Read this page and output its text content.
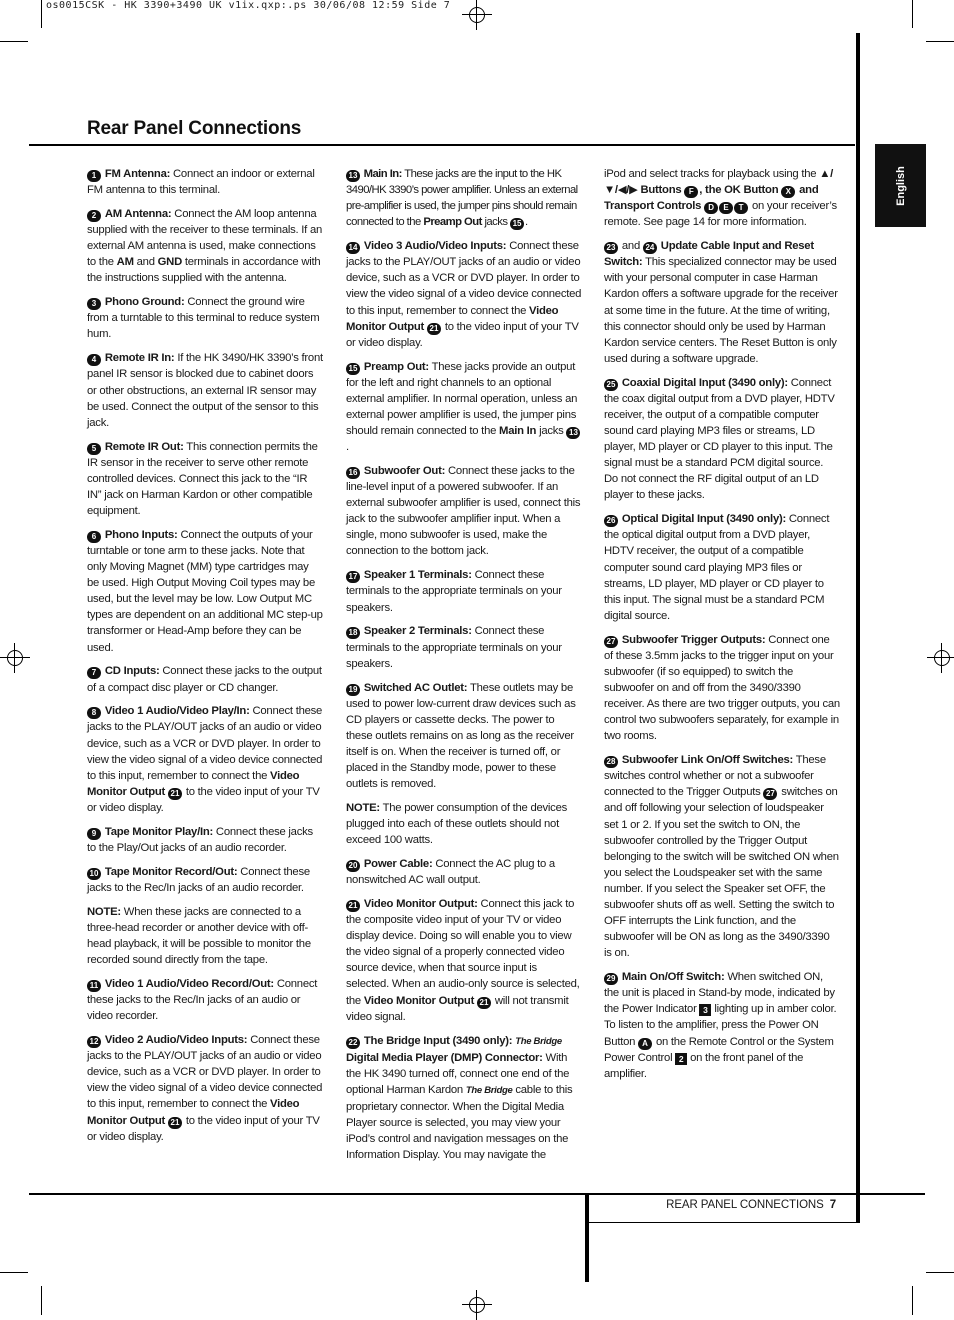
os0015CSK - HK 3390+3490 UK v1ix.qxp:.ps 30/06/08 12:59 Side 7
Rear Panel Connections
English

1 FM Antenna: Connect an indoor or external FM antenna to this terminal.

2 AM Antenna: Connect the AM loop antenna supplied with the receiver to these terminals. If an external AM antenna is used, make connections to the AM and GND terminals in accordance with the instructions supplied with the antenna.

3 Phono Ground: Connect the ground wire from a turntable to this terminal to reduce system hum.

4 Remote IR In: If the HK 3490/HK 3390’s front panel IR sensor is blocked due to cabinet doors or other obstructions, an external IR sensor may be used. Connect the output of the sensor to this jack.

5 Remote IR Out: This connection permits the IR sensor in the receiver to serve other remote controlled devices. Connect this jack to the “IR IN” jack on Harman Kardon or other compatible equipment.

6 Phono Inputs: Connect the outputs of your turntable or tone arm to these jacks. Note that only Moving Magnet (MM) type cartridges may be used. High Output Moving Coil types may be used, but the level may be low. Low Output MC types are dependent on an additional MC step-up transformer or Head-Amp before they can be used.

7 CD Inputs: Connect these jacks to the output of a compact disc player or CD changer.

8 Video 1 Audio/Video Play/In: Connect these jacks to the PLAY/OUT jacks of an audio or video device, such as a VCR or DVD player. In order to view the video signal of a video device connected to this input, remember to connect the Video Monitor Output 21 to the video input of your TV or video display.

9 Tape Monitor Play/In: Connect these jacks to the Play/Out jacks of an audio recorder.

10 Tape Monitor Record/Out: Connect these jacks to the Rec/In jacks of an audio recorder.

NOTE: When these jacks are connected to a three-head recorder or another device with off-head playback, it will be possible to monitor the recorded sound directly from the tape.

11 Video 1 Audio/Video Record/Out: Connect these jacks to the Rec/In jacks of an audio or video recorder.

12 Video 2 Audio/Video Inputs: Connect these jacks to the PLAY/OUT jacks of an audio or video device, such as a VCR or DVD player. In order to view the video signal of a video device connected to this input, remember to connect the Video Monitor Output 21 to the video input of your TV or video display.

13 Main In: These jacks are the input to the HK 3490/HK 3390’s power amplifier. Unless an external pre-amplifier is used, the jumper pins should remain connected to the Preamp Out jacks 15 .

14 Video 3 Audio/Video Inputs: Connect these jacks to the PLAY/OUT jacks of an audio or video device, such as a VCR or DVD player. In order to view the video signal of a video device connected to this input, remember to connect the Video Monitor Output 21 to the video input of your TV or video display.

15 Preamp Out: These jacks provide an output for the left and right channels to an optional external amplifier. In normal operation, unless an external power amplifier is used, the jumper pins should remain connected to the Main In jacks 13.

16 Subwoofer Out: Connect these jacks to the line-level input of a powered subwoofer. If an external subwoofer amplifier is used, connect this jack to the subwoofer amplifier input. When a single, mono subwoofer is used, make the connection to the bottom jack.

17 Speaker 1 Terminals: Connect these terminals to the appropriate terminals on your speakers.

18 Speaker 2 Terminals: Connect these terminals to the appropriate terminals on your speakers.

19 Switched AC Outlet: These outlets may be used to power low-current draw devices such as CD players or cassette decks. The power to these outlets remains on as long as the receiver itself is on. When the receiver is turned off, or placed in the Standby mode, power to these outlets is removed.

NOTE: The power consumption of the devices plugged into each of these outlets should not exceed 100 watts.

20 Power Cable: Connect the AC plug to a nonswitched AC wall output.

21 Video Monitor Output: Connect this jack to the composite video input of your TV or video display device. Doing so will enable you to view the video signal of a properly connected video source device, when that source input is selected. When an audio-only source is selected, the Video Monitor Output 21 will not transmit video signal.

22 The Bridge Input (3490 only): The Bridge Digital Media Player (DMP) Connector: With the HK 3490 turned off, connect one end of the optional Harman Kardon The Bridge cable to this proprietary connector. When the Digital Media Player source is selected, you may view your iPod’s control and navigation messages on the Information Display. You may navigate the

iPod and select tracks for playback using the ▲/▼/◀/▶ Buttons F , the OK Button X and Transport Controls D E T on your receiver’s remote. See page 14 for more information.

23 and 24 Update Cable Input and Reset Switch: This specialized connector may be used with your personal computer in case Harman Kardon offers a software upgrade for the receiver at some time in the future. At the time of writing, this connector should only be used by Harman Kardon service centers. The Reset Button is only used during a software upgrade.

25 Coaxial Digital Input (3490 only): Connect the coax digital output from a DVD player, HDTV receiver, the output of a compatible computer sound card playing MP3 files or streams, LD player, MD player or CD player to this input. The signal must be a standard PCM digital source. Do not connect the RF digital output of an LD player to these jacks.

26 Optical Digital Input (3490 only): Connect the optical digital output from a DVD player, HDTV receiver, the output of a compatible computer sound card playing MP3 files or streams, LD player, MD player or CD player to this input. The signal must be a standard PCM digital source.

27 Subwoofer Trigger Outputs: Connect one of these 3.5mm jacks to the trigger input on your subwoofer (if so equipped) to switch the subwoofer on and off from the 3490/3390 receiver. As there are two trigger outputs, you can control two subwoofers separately, for example in two rooms.

28 Subwoofer Link On/Off Switches: These switches control whether or not a subwoofer connected to the Trigger Outputs 27 switches on and off following your selection of loudspeaker set 1 or 2. If you set the switch to ON, the subwoofer controlled by the Trigger Output belonging to the switch will be switched ON when you select the Loudspeaker set with the same number. If you select the Speaker set OFF, the subwoofer shuts off as well. Setting the switch to OFF interrupts the Link function, and the subwoofer will be ON as long as the 3490/3390 is on.

29 Main On/Off Switch: When switched ON, the unit is placed in Stand-by mode, indicated by the Power Indicator 3 lighting up in amber color. To listen to the amplifier, press the Power ON Button A on the Remote Control or the System Power Control 2 on the front panel of the amplifier.

REAR PANEL CONNECTIONS 7
